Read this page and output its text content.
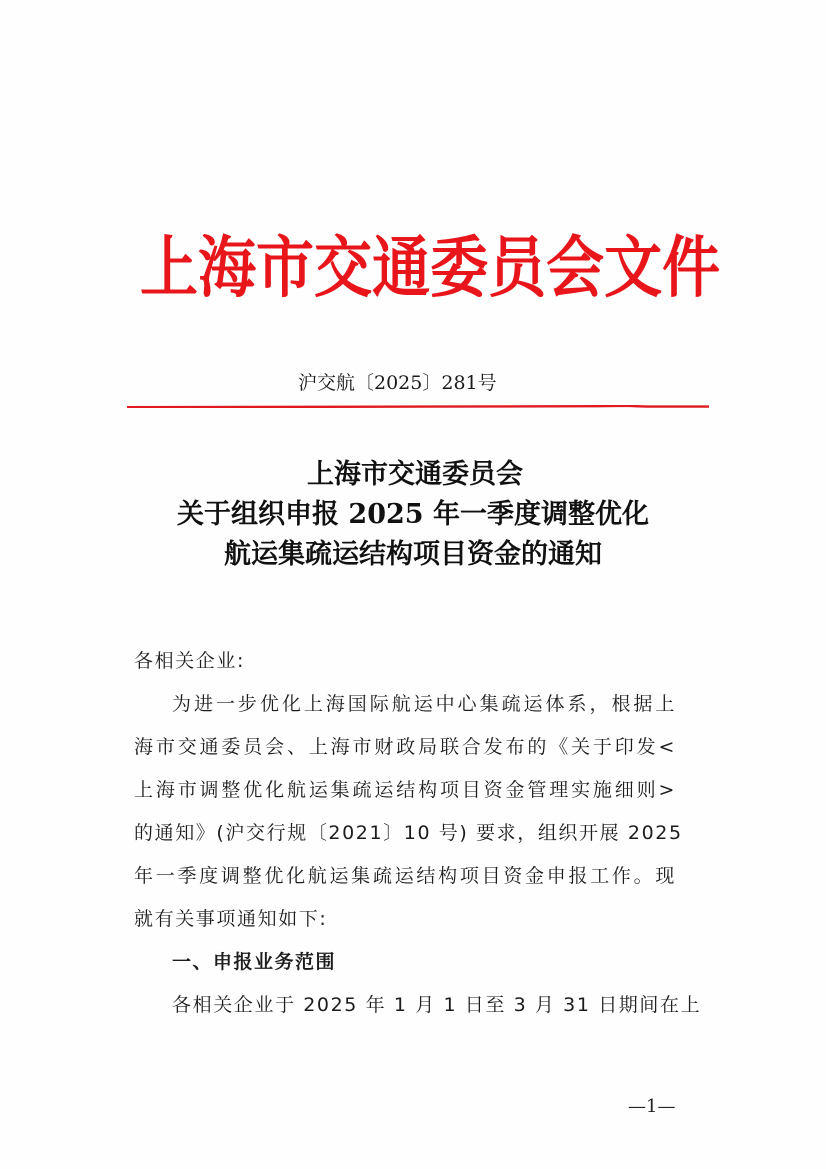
上 海 市 交 通 委 员 会 文 件
沪交航〔2025〕281号
上海市交通委员会
关于组织申报 2025 年一季度调整优化
航运集疏运结构项目资金的通知
各相关企业:
为进一步优化上海国际航运中心集疏运体系，根据上
海市交通委员会、上海市财政局联合发布的《关于印发<
上海市调整优化航运集疏运结构项目资金管理实施细则>
的通知》(沪交行规〔2021〕10 号) 要求，组织开展 2025
年一季度调整优化航运集疏运结构项目资金申报工作。现
就有关事项通知如下:
一、申报业务范围
各相关企业于 2025 年 1 月 1 日至 3 月 31 日期间在上
—1—
